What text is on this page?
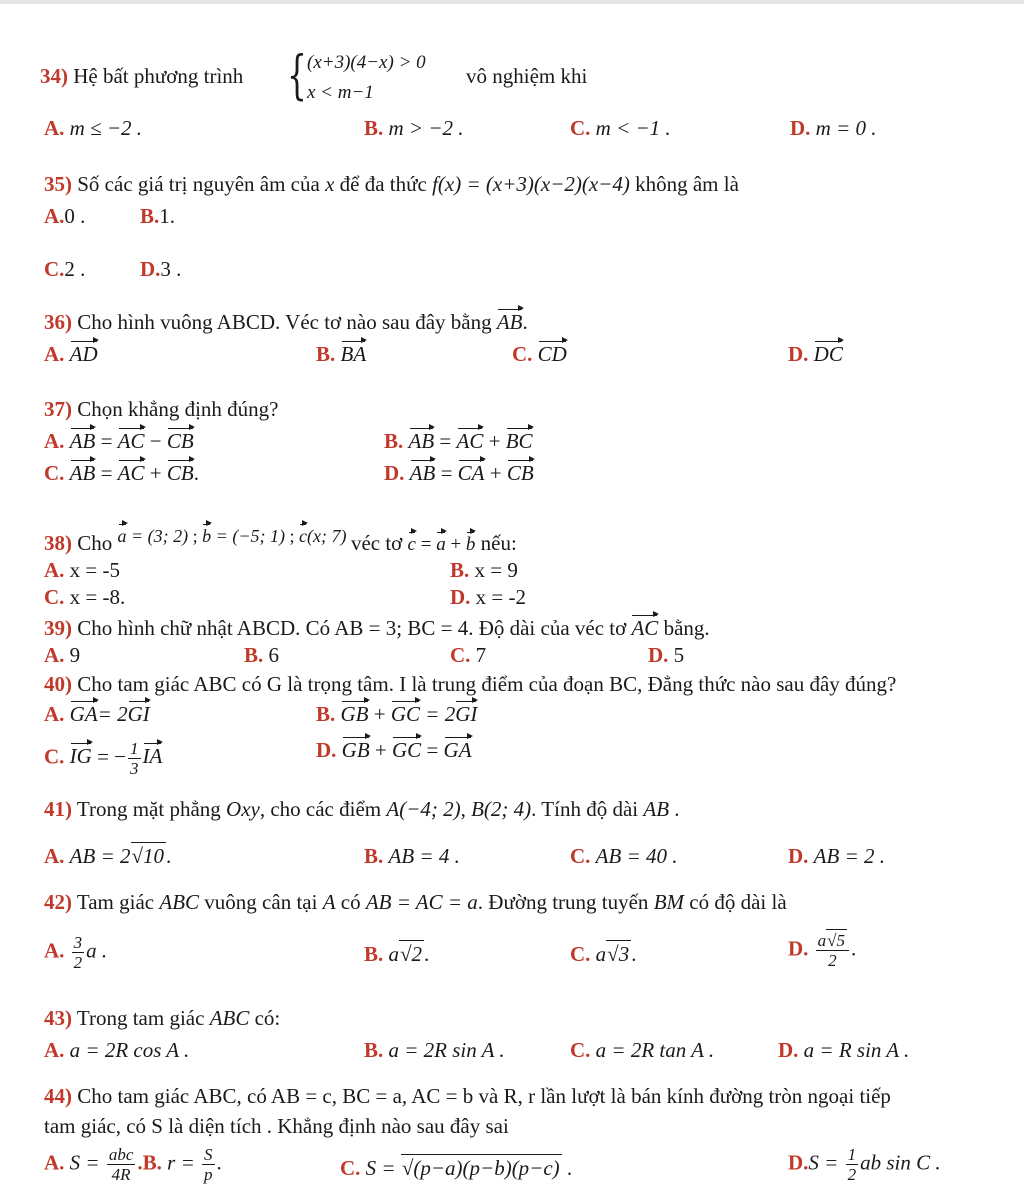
34) Hệ bất phương trình { (x+3)(4−x) > 0
x < m−1
vô nghiệm khi
A. m ≤ −2 .	B. m > −2 .	C. m < −1 .	D. m = 0 .
35) Số các giá trị nguyên âm của x để đa thức f(x) = (x+3)(x−2)(x−4) không âm là
A.0 .	B.1.
C.2 .	D.3 .
36) Cho hình vuông ABCD. Véc tơ nào sau đây bằng AB.
A. AD	B. BA	C. CD	D. DC
37) Chọn khẳng định đúng?
A. AB = AC − CB	B. AB = AC + BC
C. AB = AC + CB.	D. AB = CA + CB
38) Cho a = (3; 2) ; b = (−5; 1) ; c(x; 7) véc tơ c = a + b nếu:
A. x = -5	B. x = 9
C. x = -8.	D. x = -2
39) Cho hình chữ nhật ABCD. Có AB = 3; BC = 4. Độ dài của véc tơ AC bằng.
A. 9	B. 6	C. 7	D. 5
40) Cho tam giác ABC có G là trọng tâm. I là trung điểm của đoạn BC, Đẳng thức nào sau đây đúng?
A. GA= 2GI	B. GB + GC = 2GI
C. IG = − $\frac{1}{3}$ IA	D. GB + GC = GA
41) Trong mặt phẳng Oxy, cho các điểm A(−4; 2), B(2; 4). Tính độ dài AB .
A. AB = 2√10.	B. AB = 4 .	C. AB = 40 .	D. AB = 2 .
42) Tam giác ABC vuông cân tại A có AB = AC = a. Đường trung tuyến BM có độ dài là
A. $\frac{3}{2}$ a .	B. a√2.	C. a√3.	D. $\frac{a√5}{2}$ .
43) Trong tam giác ABC có:
A. a = 2R cos A .	B. a = 2R sin A .	C. a = 2R tan A .	D. a = R sin A .
44) Cho tam giác ABC, có AB = c, BC = a, AC = b và R, r lần lượt là bán kính đường tròn ngoại tiếp
tam giác, có S là diện tích . Khẳng định nào sau đây sai
A. $S = \frac{\text{abc}}{4R} .B$. $r = \frac{S}{p}$ .	C. S = √(p−a)(p−b)(p−c) .	$D.S = \frac{1}{2}$ ab sin C .
